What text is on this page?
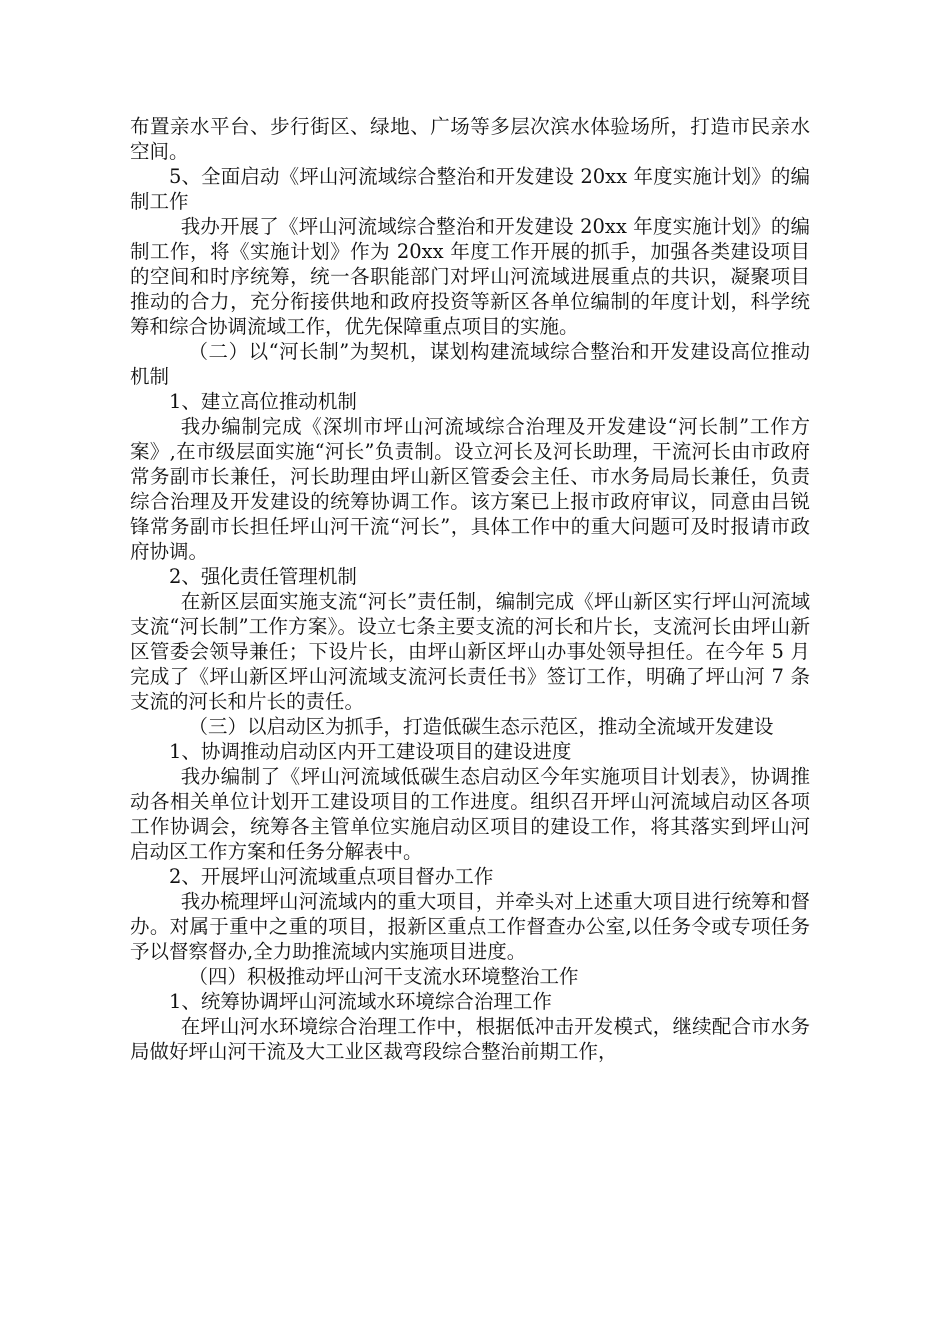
布置亲水平台、步行街区、绿地、广场等多层次滨水体验场所，打造市民亲水空间。

5、全面启动《坪山河流域综合整治和开发建设 20xx 年度实施计划》的编制工作

我办开展了《坪山河流域综合整治和开发建设 20xx 年度实施计划》的编制工作，将《实施计划》作为 20xx 年度工作开展的抓手，加强各类建设项目的空间和时序统筹，统一各职能部门对坪山河流域进展重点的共识，凝聚项目推动的合力，充分衔接供地和政府投资等新区各单位编制的年度计划，科学统筹和综合协调流域工作，优先保障重点项目的实施。

（二）以“河长制”为契机，谋划构建流域综合整治和开发建设高位推动机制

1、建立高位推动机制

我办编制完成《深圳市坪山河流域综合治理及开发建设“河长制”工作方案》,在市级层面实施“河长”负责制。设立河长及河长助理，干流河长由市政府常务副市长兼任，河长助理由坪山新区管委会主任、市水务局局长兼任，负责综合治理及开发建设的统筹协调工作。该方案已上报市政府审议，同意由吕锐锋常务副市长担任坪山河干流“河长”，具体工作中的重大问题可及时报请市政府协调。

2、强化责任管理机制

在新区层面实施支流“河长”责任制，编制完成《坪山新区实行坪山河流域支流“河长制”工作方案》。设立七条主要支流的河长和片长，支流河长由坪山新区管委会领导兼任；下设片长，由坪山新区坪山办事处领导担任。在今年 5 月完成了《坪山新区坪山河流域支流河长责任书》签订工作，明确了坪山河 7 条支流的河长和片长的责任。

（三）以启动区为抓手，打造低碳生态示范区，推动全流域开发建设

1、协调推动启动区内开工建设项目的建设进度

我办编制了《坪山河流域低碳生态启动区今年实施项目计划表》，协调推动各相关单位计划开工建设项目的工作进度。组织召开坪山河流域启动区各项工作协调会，统筹各主管单位实施启动区项目的建设工作，将其落实到坪山河启动区工作方案和任务分解表中。

2、开展坪山河流域重点项目督办工作

我办梳理坪山河流域内的重大项目，并牵头对上述重大项目进行统筹和督办。对属于重中之重的项目，报新区重点工作督查办公室,以任务令或专项任务予以督察督办,全力助推流域内实施项目进度。

（四）积极推动坪山河干支流水环境整治工作

1、统筹协调坪山河流域水环境综合治理工作

在坪山河水环境综合治理工作中，根据低冲击开发模式，继续配合市水务局做好坪山河干流及大工业区裁弯段综合整治前期工作，
